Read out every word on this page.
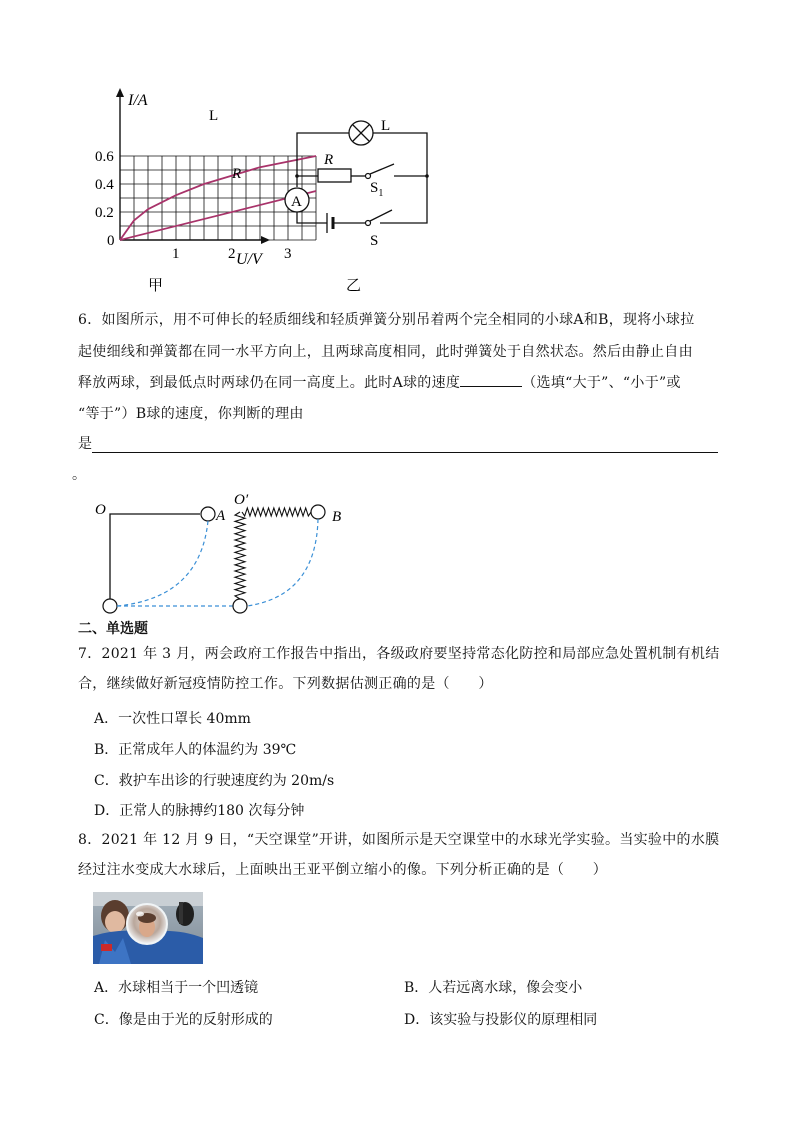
1	2	3
0.6
0.4
0.2
0
I/A
U/V
L
R
甲
L
R
$S_1$
A
S
乙
6．如图所示，用不可伸长的轻质细线和轻质弹簧分别吊着两个完全相同的小球A和B，现将小球拉
起使细线和弹簧都在同一水平方向上，且两球高度相同，此时弹簧处于自然状态。然后由静止自由
释放两球，到最低点时两球仍在同一高度上。此时A球的速度	（选填“大于”、“小于”或
“等于”）B球的速度，你判断的理由
是
。
O	A
O′
B
二、单选题
7．2021 年 3 月，两会政府工作报告中指出，各级政府要坚持常态化防控和局部应急处置机制有机结
合，继续做好新冠疫情防控工作。下列数据估测正确的是（　　）
A．一次性口罩长 40mm
B．正常成年人的体温约为 39℃
C．救护车出诊的行驶速度约为 20m/s
D．正常人的脉搏约180 次每分钟
8．2021 年 12 月 9 日，“天空课堂”开讲，如图所示是天空课堂中的水球光学实验。当实验中的水膜
经过注水变成大水球后，上面映出王亚平倒立缩小的像。下列分析正确的是（　　）
A．水球相当于一个凹透镜	B．人若远离水球，像会变小
C．像是由于光的反射形成的	D．该实验与投影仪的原理相同
